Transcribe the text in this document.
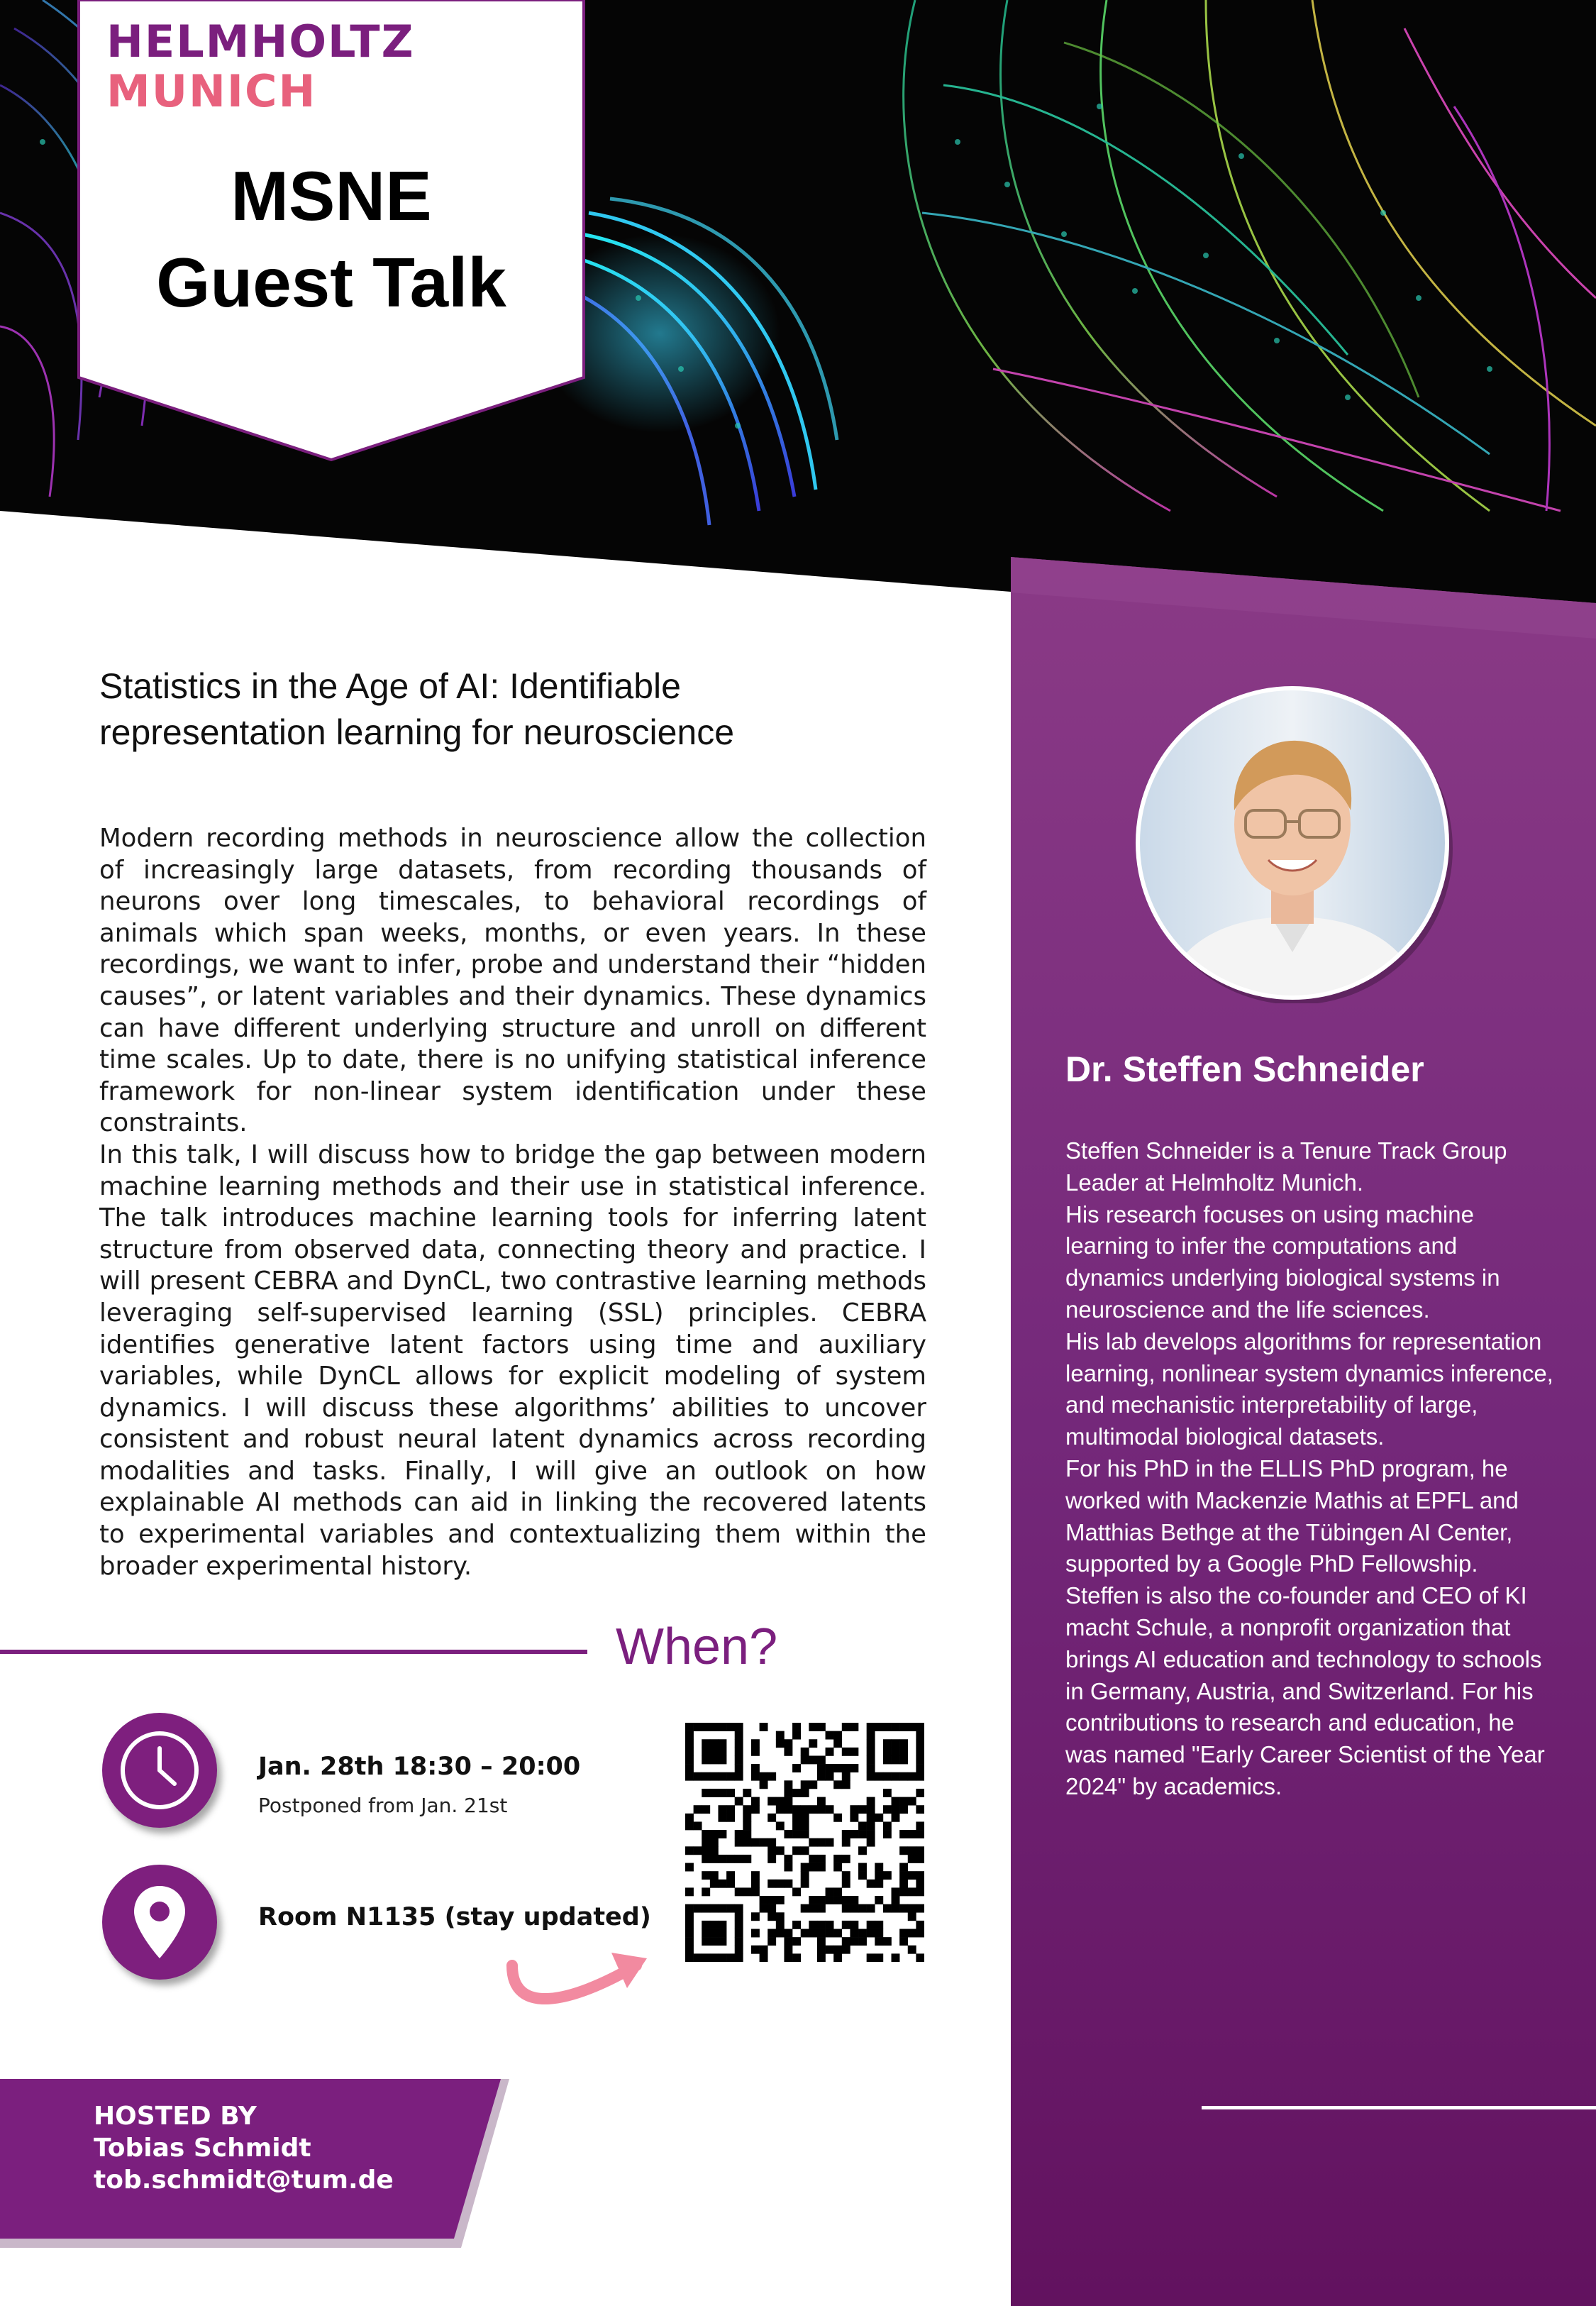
HELMHOLTZ
MUNICH
MSNE
Guest Talk
Statistics in the Age of AI: Identifiable
representation learning for neuroscience

Modern recording methods in neuroscience allow the collection of increasingly large datasets, from recording thousands of neurons over long timescales, to behavioral recordings of animals which span weeks, months, or even years. In these recordings, we want to infer, probe and understand their “hidden causes”, or latent variables and their dynamics. These dynamics can have different underlying structure and unroll on different time scales. Up to date, there is no unifying statistical inference framework for non-linear system identification under these constraints.

In this talk, I will discuss how to bridge the gap between modern machine learning methods and their use in statistical inference. The talk introduces machine learning tools for inferring latent structure from observed data, connecting theory and practice. I will present CEBRA and DynCL, two contrastive learning methods leveraging self-supervised learning (SSL) principles. CEBRA identifies generative latent factors using time and auxiliary variables, while DynCL allows for explicit modeling of system dynamics. I will discuss these algorithms’ abilities to uncover consistent and robust neural latent dynamics across recording modalities and tasks. Finally, I will give an outlook on how explainable AI methods can aid in linking the recovered latents to experimental variables and contextualizing them within the broader experimental history.

When?
Jan. 28th 18:30 – 20:00
Postponed from Jan. 21st
Room N1135 (stay updated)
HOSTED BY
Tobias Schmidt
tob.schmidt@tum.de
Dr. Steffen Schneider

Steffen Schneider is a Tenure Track Group Leader at Helmholtz Munich.

His research focuses on using machine learning to infer the computations and dynamics underlying biological systems in neuroscience and the life sciences.

His lab develops algorithms for representation learning, nonlinear system dynamics inference, and mechanistic interpretability of large, multimodal biological datasets.

For his PhD in the ELLIS PhD program, he worked with Mackenzie Mathis at EPFL and Matthias Bethge at the Tübingen AI Center, supported by a Google PhD Fellowship.

Steffen is also the co-founder and CEO of KI macht Schule, a nonprofit organization that brings AI education and technology to schools in Germany, Austria, and Switzerland. For his contributions to research and education, he was named "Early Career Scientist of the Year 2024" by academics.
